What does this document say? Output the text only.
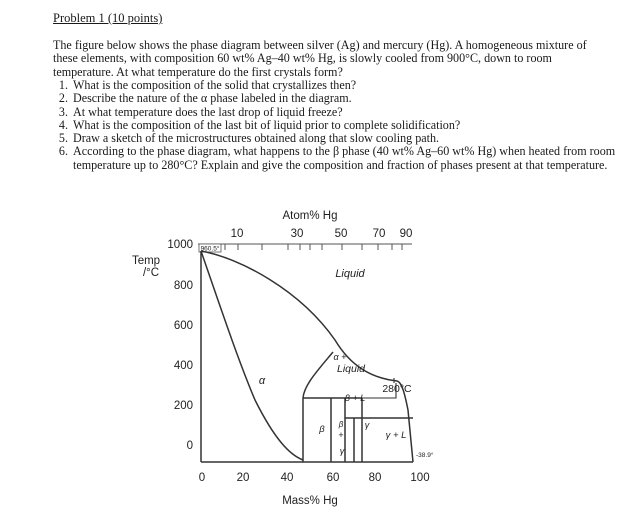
Problem 1 (10 points)
The figure below shows the phase diagram between silver (Ag) and mercury (Hg). A homogeneous mixture of these elements, with composition 60 wt% Ag–40 wt% Hg, is slowly cooled from 900°C, down to room temperature. At what temperature do the first crystals form?
1. What is the composition of the solid that crystallizes then?
2. Describe the nature of the α phase labeled in the diagram.
3. At what temperature does the last drop of liquid freeze?
4. What is the composition of the last bit of liquid prior to complete solidification?
5. Draw a sketch of the microstructures obtained along that slow cooling path.
6. According to the phase diagram, what happens to the β phase (40 wt% Ag–60 wt% Hg) when heated from room temperature up to 280°C? Explain and give the composition and fraction of phases present at that temperature.
Atom% Hg
10	30	50 70 90
Temp
/°C
1000
800
600
400
200
0
960.5°
Liquid
α
α +
Liquid
β + L
β β
+
γ
γ
γ + L
280°C
-38.9°
0	20	40	60	80	100
Mass% Hg
